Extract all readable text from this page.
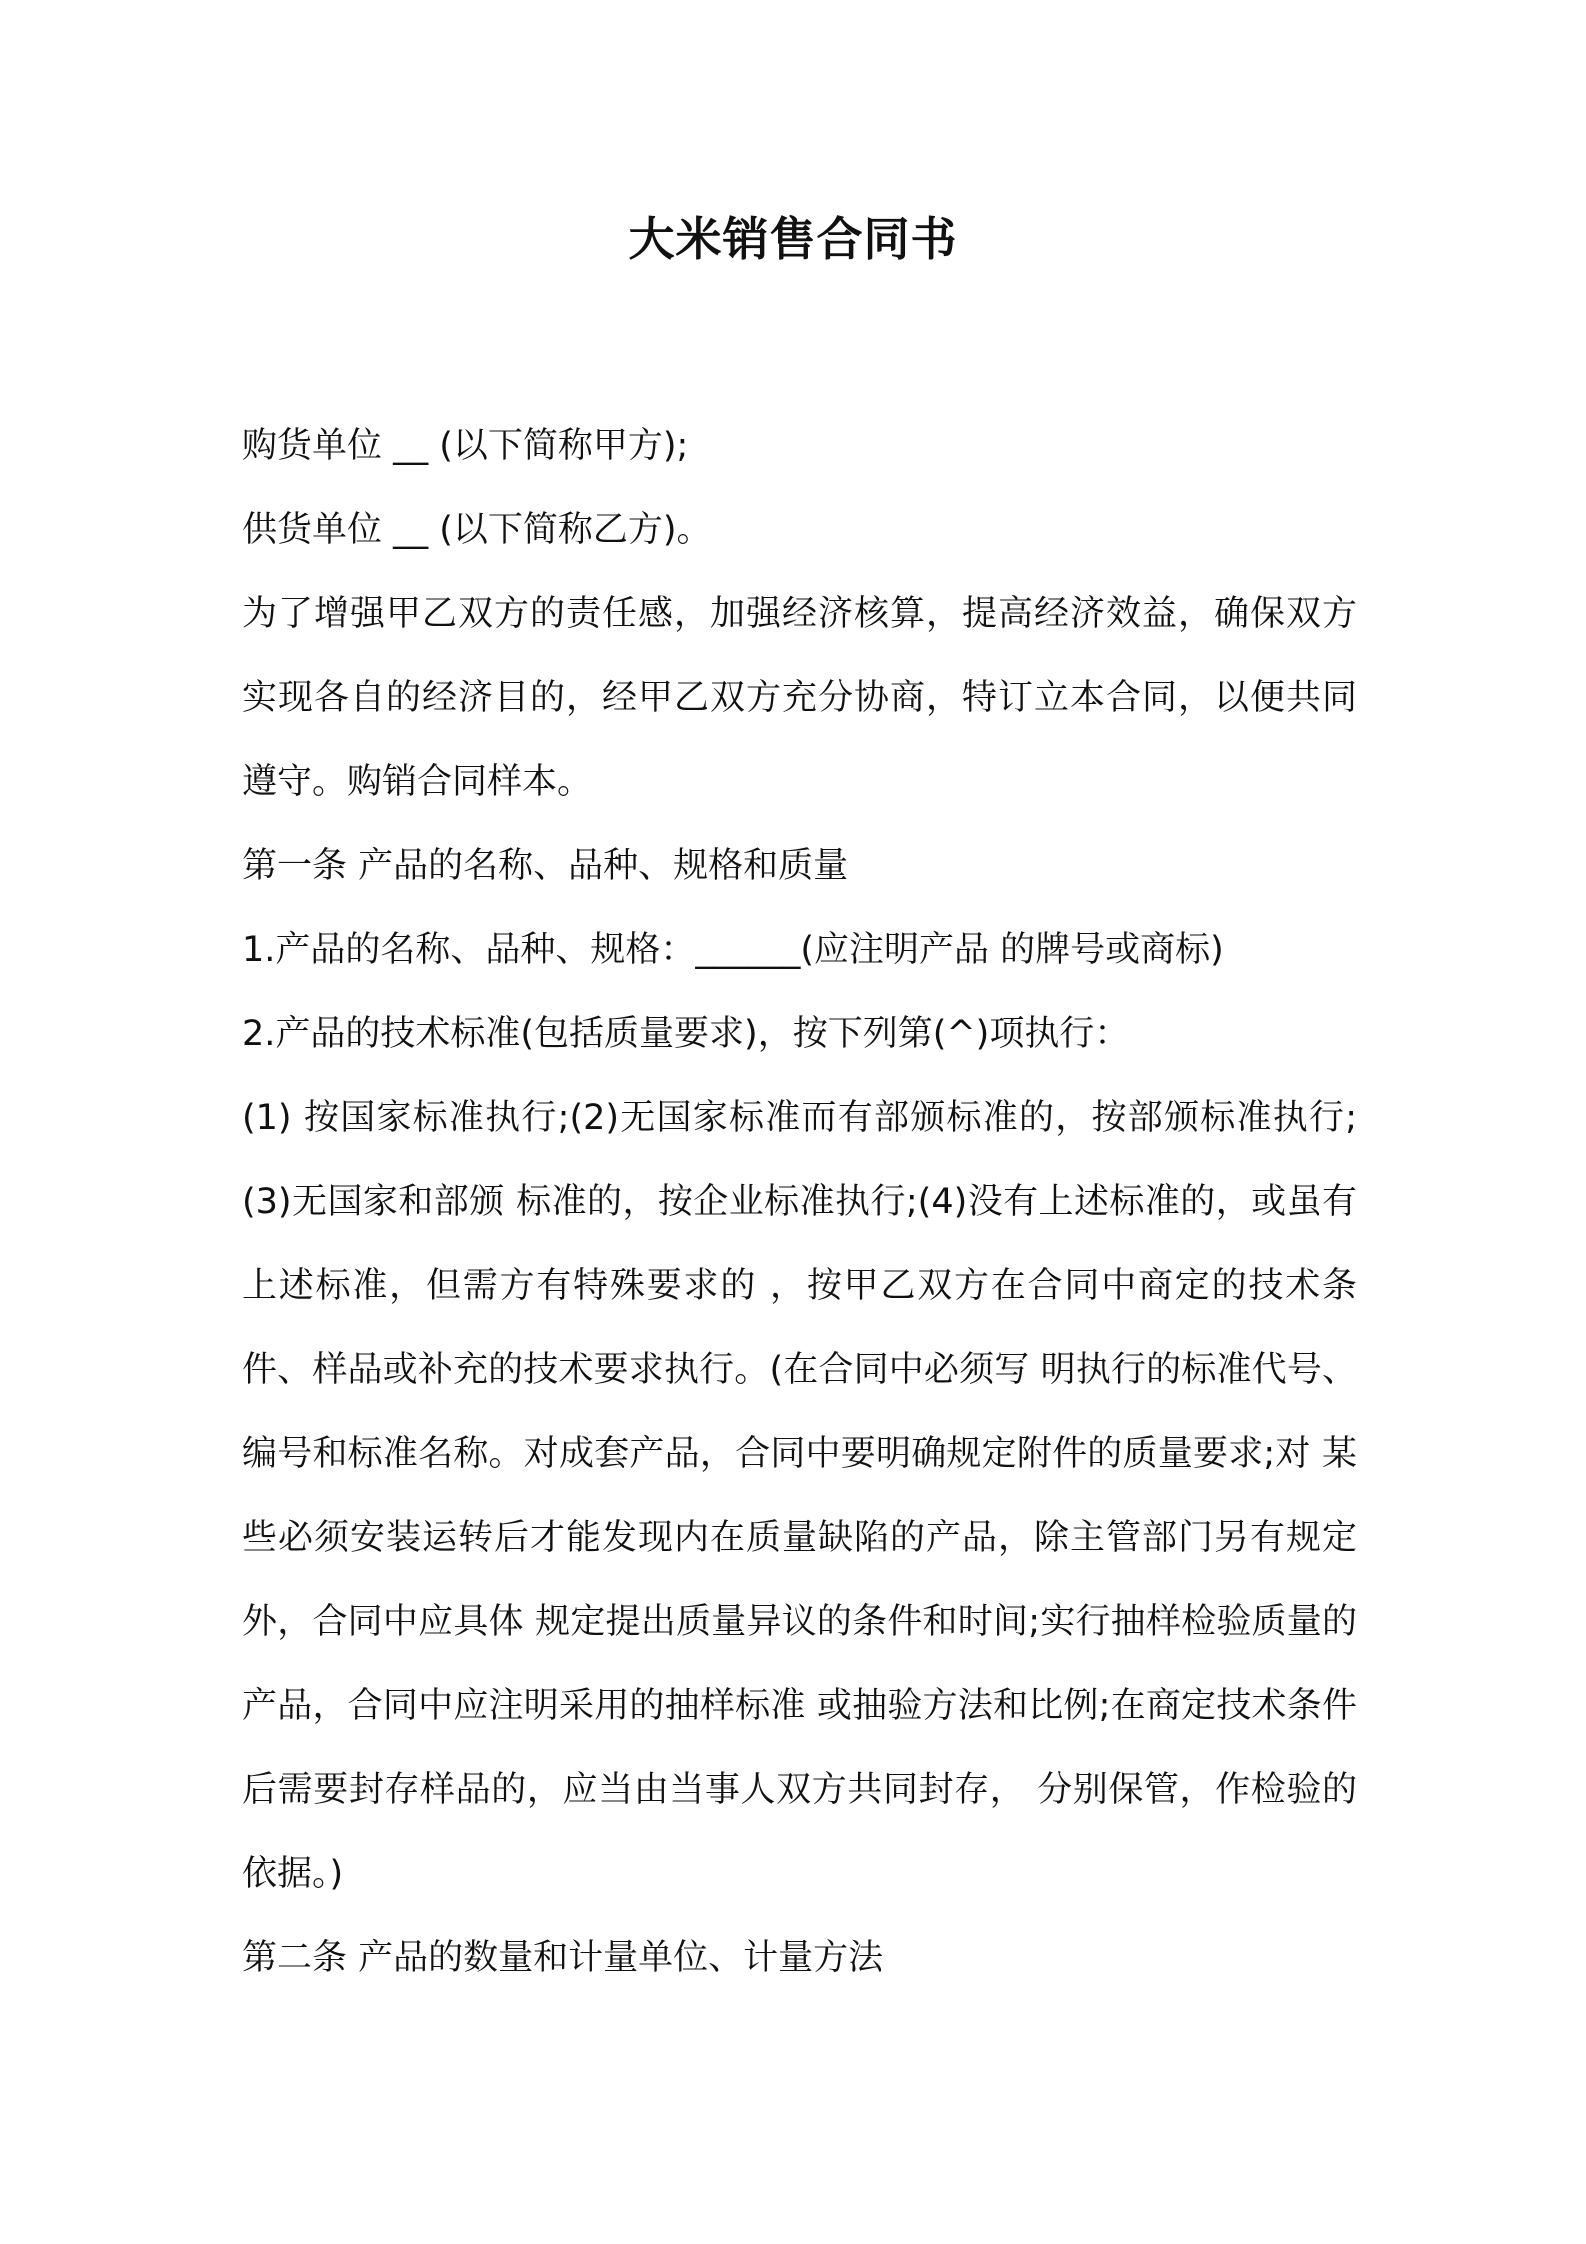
大米销售合同书

购货单位 __ (以下简称甲方);

供货单位 __ (以下简称乙方)。

为了增强甲乙双方的责任感，加强经济核算，提高经济效益，确保双方实现各自的经济目的，经甲乙双方充分协商，特订立本合同，以便共同遵守。购销合同样本。

第一条 产品的名称、品种、规格和质量

1.产品的名称、品种、规格：______(应注明产品 的牌号或商标)

2.产品的技术标准(包括质量要求)，按下列第(^)项执行：

(1) 按国家标准执行;(2)无国家标准而有部颁标准的，按部颁标准执行;(3)无国家和部颁 标准的，按企业标准执行;(4)没有上述标准的，或虽有上述标准，但需方有特殊要求的 ，按甲乙双方在合同中商定的技术条件、样品或补充的技术要求执行。(在合同中必须写 明执行的标准代号、编号和标准名称。对成套产品，合同中要明确规定附件的质量要求;对 某些必须安装运转后才能发现内在质量缺陷的产品，除主管部门另有规定外，合同中应具体 规定提出质量异议的条件和时间;实行抽样检验质量的产品，合同中应注明采用的抽样标准 或抽验方法和比例;在商定技术条件后需要封存样品的，应当由当事人双方共同封存， 分别保管，作检验的依据。)

第二条 产品的数量和计量单位、计量方法
